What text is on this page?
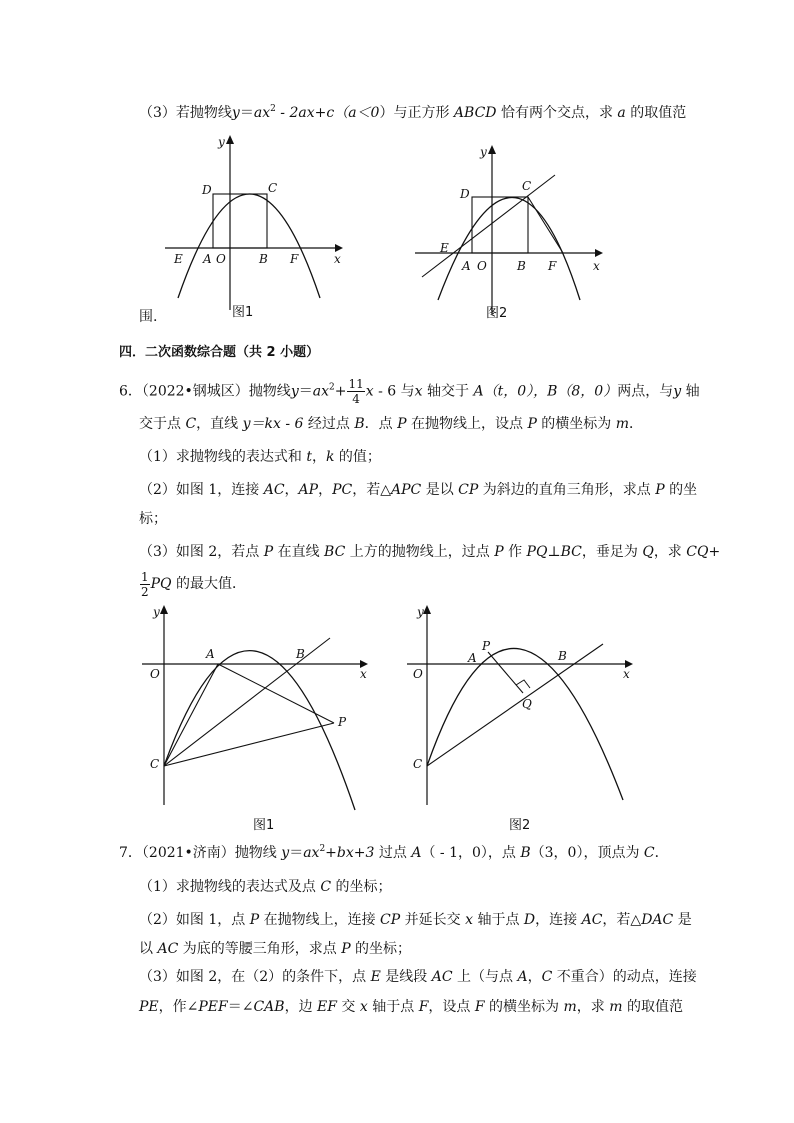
（3）若抛物线$y=ax^2 - 2ax+c(a<0)$与正方形 ABCD 恰有两个交点，求 a 的取值范
围.
y
x
D	C
E A O	B F
图1
y
x
D
C
E
A O	B F
图2
四．二次函数综合题（共 2 小题）
6．（2022•钢城区）抛物线$y=ax^2+ \frac{11}{4}$ x - 6 与x 轴交于 A（t，0），B（8，0）两点，与y 轴
交于点 C，直线 y＝kx - 6 经过点 B．点 P 在抛物线上，设点 P 的横坐标为 m．
（1）求抛物线的表达式和 t，k 的值；
（2）如图 1，连接 AC，AP，PC，若△APC 是以 CP 为斜边的直角三角形，求点 P 的坐
标；
（3）如图 2，若点 P 在直线 BC 上方的抛物线上，过点 P 作 PQ⊥BC，垂足为 Q，求 CQ+
$\frac{1}{2}$ PQ 的最大值．
y
x
O
A	B
C
P
图1
y
x
O
A
P
B
C
Q
图2
7．（2021•济南）抛物线 $y=ax^2+bx+3$ 过点 A（ - 1，0），点 B（3，0），顶点为 C．
（1）求抛物线的表达式及点 C 的坐标；
（2）如图 1，点 P 在抛物线上，连接 CP 并延长交 x 轴于点 D，连接 AC，若△DAC 是
以 AC 为底的等腰三角形，求点 P 的坐标；
（3）如图 2，在（2）的条件下，点 E 是线段 AC 上（与点 A，C 不重合）的动点，连接
PE，作∠PEF＝∠CAB，边 EF 交 x 轴于点 F，设点 F 的横坐标为 m，求 m 的取值范
